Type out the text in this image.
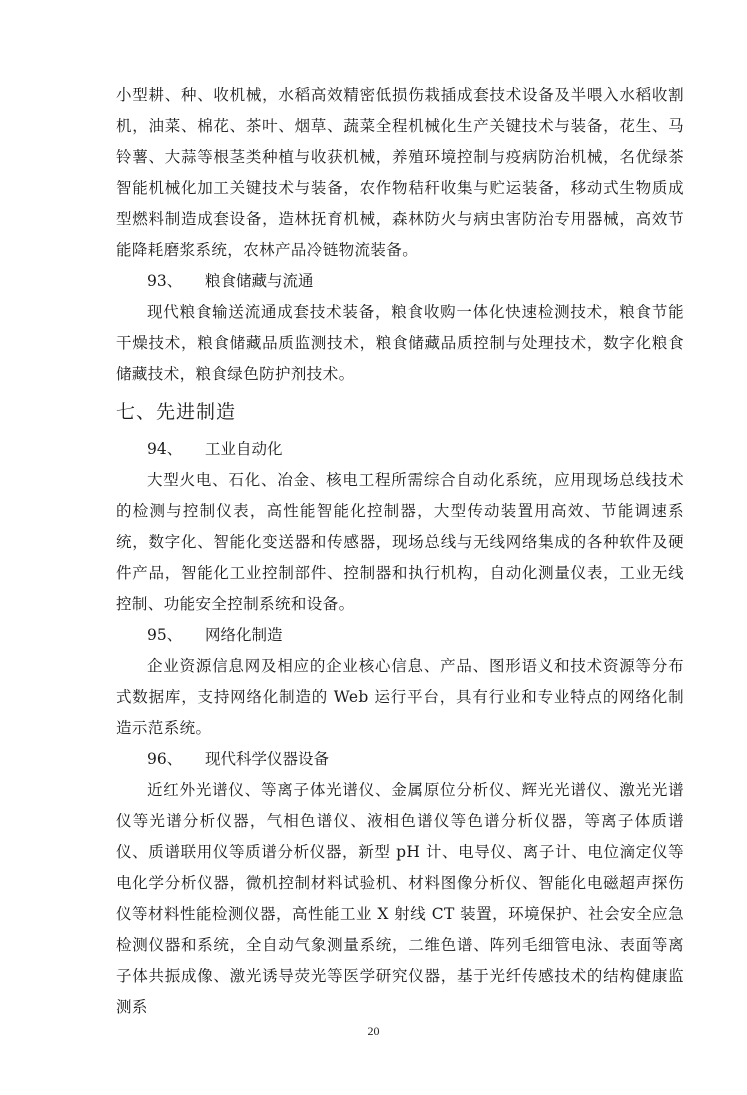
小型耕、种、收机械，水稻高效精密低损伤栽插成套技术设备及半喂入水稻收割机，油菜、棉花、茶叶、烟草、蔬菜全程机械化生产关键技术与装备，花生、马铃薯、大蒜等根茎类种植与收获机械，养殖环境控制与疫病防治机械，名优绿茶智能机械化加工关键技术与装备，农作物秸秆收集与贮运装备，移动式生物质成型燃料制造成套设备，造林抚育机械，森林防火与病虫害防治专用器械，高效节能降耗磨浆系统，农林产品冷链物流装备。

93、 粮食储藏与流通

现代粮食输送流通成套技术装备，粮食收购一体化快速检测技术，粮食节能干燥技术，粮食储藏品质监测技术，粮食储藏品质控制与处理技术，数字化粮食储藏技术，粮食绿色防护剂技术。

七、先进制造

94、 工业自动化

大型火电、石化、冶金、核电工程所需综合自动化系统，应用现场总线技术的检测与控制仪表，高性能智能化控制器，大型传动装置用高效、节能调速系统，数字化、智能化变送器和传感器，现场总线与无线网络集成的各种软件及硬件产品，智能化工业控制部件、控制器和执行机构，自动化测量仪表，工业无线控制、功能安全控制系统和设备。

95、 网络化制造

企业资源信息网及相应的企业核心信息、产品、图形语义和技术资源等分布式数据库，支持网络化制造的 Web 运行平台，具有行业和专业特点的网络化制造示范系统。

96、 现代科学仪器设备

近红外光谱仪、等离子体光谱仪、金属原位分析仪、辉光光谱仪、激光光谱仪等光谱分析仪器，气相色谱仪、液相色谱仪等色谱分析仪器，等离子体质谱仪、质谱联用仪等质谱分析仪器，新型 pH 计、电导仪、离子计、电位滴定仪等电化学分析仪器，微机控制材料试验机、材料图像分析仪、智能化电磁超声探伤仪等材料性能检测仪器，高性能工业 X 射线 CT 装置，环境保护、社会安全应急检测仪器和系统，全自动气象测量系统，二维色谱、阵列毛细管电泳、表面等离子体共振成像、激光诱导荧光等医学研究仪器，基于光纤传感技术的结构健康监测系

20
